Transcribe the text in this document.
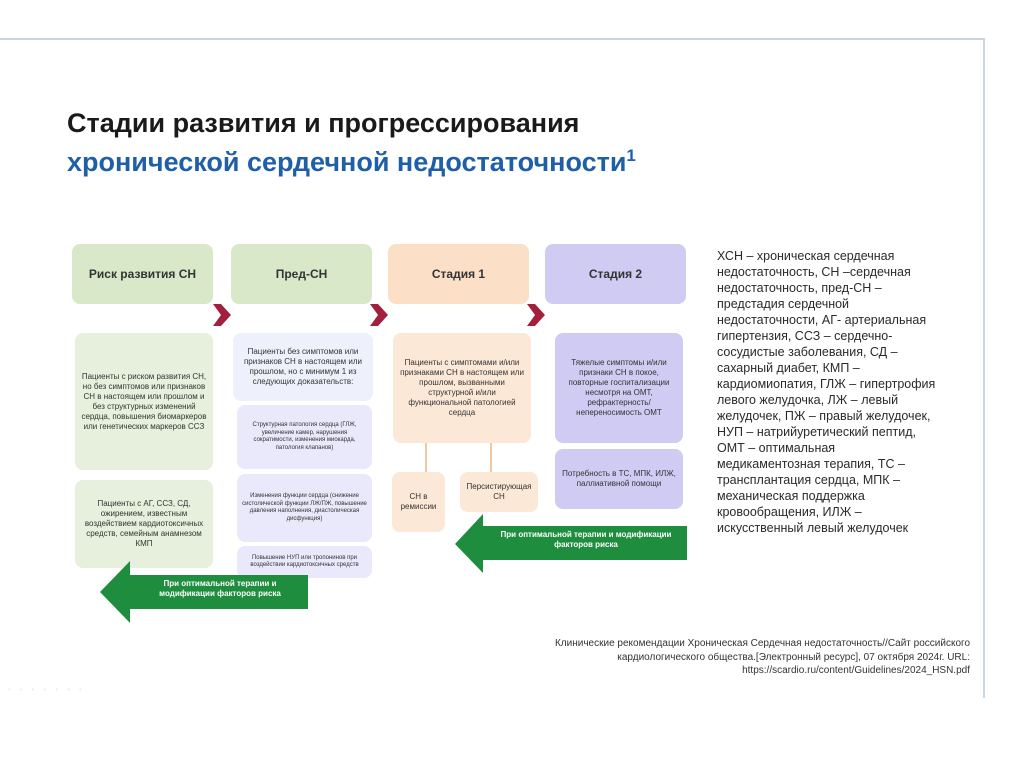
Стадии развития и прогрессирования
хронической сердечной недостаточности$^1$
Риск развития СН	Пред-СН	Стадия 1	Стадия 2
Пациенты с риском развития СН, но без симптомов или признаков СН в настоящем или прошлом и без структурных изменений сердца, повышения биомаркеров или генетических маркеров ССЗ
Пациенты с АГ, ССЗ, СД, ожирением, известным воздействием кардиотоксичных средств, семейным анамнезом КМП
Пациенты без симптомов или признаков СН в настоящем или прошлом, но с минимум 1 из следующих доказательств:
Структурная патология сердца (ГЛЖ, увеличение камер, нарушения сократимости, изменения миокарда, патология клапанов)
Изменения функции сердца (снижение систолической функции ЛЖ/ПЖ, повышение давления наполнения, диастолическая дисфункция)
Повышение НУП или тропонинов при воздействии кардиотоксичных средств
Пациенты с симптомами и/или признаками СН в настоящем или прошлом, вызванными структурной и/или функциональной патологией сердца
СН в ремиссии
Персистирующая СН
Тяжелые симптомы и/или признаки СН в покое, повторные госпитализации несмотря на ОМТ, рефрактерность/ непереносимость ОМТ
Потребность в ТС, МПК, ИЛЖ, паллиативной помощи
При оптимальной терапии и модификации факторов риска
При оптимальной терапии и модификации факторов риска
ХСН – хроническая сердечная недостаточность, СН –сердечная недостаточность, пред-СН – предстадия сердечной недостаточности, АГ- артериальная гипертензия, ССЗ – сердечно-сосудистые заболевания, СД – сахарный диабет, КМП – кардиомиопатия, ГЛЖ – гипертрофия левого желудочка, ЛЖ – левый желудочек, ПЖ – правый желудочек, НУП – натрийуретический пептид, ОМТ – оптимальная медикаментозная терапия, ТС – трансплантация сердца, МПК – механическая поддержка кровообращения, ИЛЖ – искусственный левый желудочек
Клинические рекомендации Хроническая Сердечная недостаточность//Сайт российского
кардиологического общества.[Электронный ресурс], 07 октября 2024г. URL:
https://scardio.ru/content/Guidelines/2024_HSN.pdf
◦◦◦◦◦◦◦
